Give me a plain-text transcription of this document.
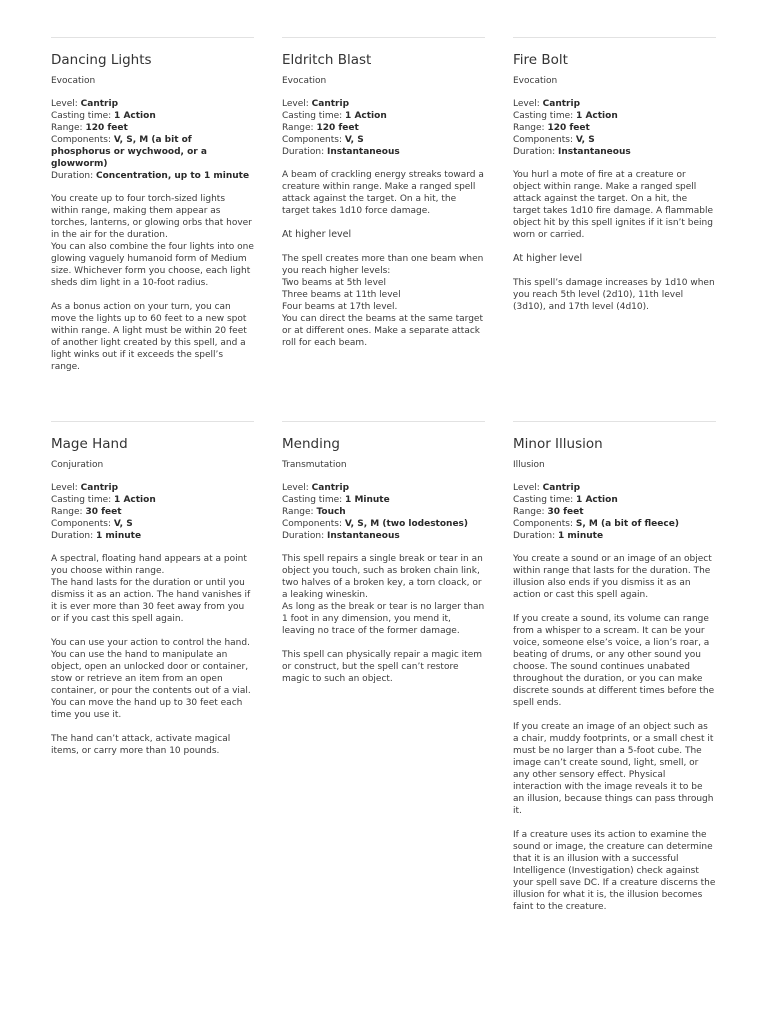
Dancing Lights
Evocation
Level: Cantrip
Casting time: 1 Action
Range: 120 feet
Components: V, S, M (a bit of phosphorus or wychwood, or a glowworm)
Duration: Concentration, up to 1 minute

You create up to four torch-sized lights within range, making them appear as torches, lanterns, or glowing orbs that hover in the air for the duration.

You can also combine the four lights into one glowing vaguely humanoid form of Medium size. Whichever form you choose, each light sheds dim light in a 10-foot radius.

As a bonus action on your turn, you can move the lights up to 60 feet to a new spot within range. A light must be within 20 feet of another light created by this spell, and a light winks out if it exceeds the spell’s range.

Eldritch Blast
Evocation
Level: Cantrip
Casting time: 1 Action
Range: 120 feet
Components: V, S
Duration: Instantaneous

A beam of crackling energy streaks toward a creature within range. Make a ranged spell attack against the target. On a hit, the target takes 1d10 force damage.

At higher level
The spell creates more than one beam when you reach higher levels:
Two beams at 5th level
Three beams at 11th level
Four beams at 17th level.
You can direct the beams at the same target or at different ones. Make a separate attack roll for each beam.
Fire Bolt
Evocation
Level: Cantrip
Casting time: 1 Action
Range: 120 feet
Components: V, S
Duration: Instantaneous

You hurl a mote of fire at a creature or object within range. Make a ranged spell attack against the target. On a hit, the target takes 1d10 fire damage. A flammable object hit by this spell ignites if it isn’t being worn or carried.

At higher level
This spell’s damage increases by 1d10 when you reach 5th level (2d10), 11th level (3d10), and 17th level (4d10).
Mage Hand
Conjuration
Level: Cantrip
Casting time: 1 Action
Range: 30 feet
Components: V, S
Duration: 1 minute

A spectral, floating hand appears at a point you choose within range.

The hand lasts for the duration or until you dismiss it as an action. The hand vanishes if it is ever more than 30 feet away from you or if you cast this spell again.

You can use your action to control the hand. You can use the hand to manipulate an object, open an unlocked door or container, stow or retrieve an item from an open container, or pour the contents out of a vial. You can move the hand up to 30 feet each time you use it.

The hand can’t attack, activate magical items, or carry more than 10 pounds.

Mending
Transmutation
Level: Cantrip
Casting time: 1 Minute
Range: Touch
Components: V, S, M (two lodestones)
Duration: Instantaneous

This spell repairs a single break or tear in an object you touch, such as broken chain link, two halves of a broken key, a torn cloack, or a leaking wineskin.

As long as the break or tear is no larger than 1 foot in any dimension, you mend it, leaving no trace of the former damage.

This spell can physically repair a magic item or construct, but the spell can’t restore magic to such an object.

Minor Illusion
Illusion
Level: Cantrip
Casting time: 1 Action
Range: 30 feet
Components: S, M (a bit of fleece)
Duration: 1 minute

You create a sound or an image of an object within range that lasts for the duration. The illusion also ends if you dismiss it as an action or cast this spell again.

If you create a sound, its volume can range from a whisper to a scream. It can be your voice, someone else’s voice, a lion’s roar, a beating of drums, or any other sound you choose. The sound continues unabated throughout the duration, or you can make discrete sounds at different times before the spell ends.

If you create an image of an object such as a chair, muddy footprints, or a small chest it must be no larger than a 5-foot cube. The image can’t create sound, light, smell, or any other sensory effect. Physical interaction with the image reveals it to be an illusion, because things can pass through it.

If a creature uses its action to examine the sound or image, the creature can determine that it is an illusion with a successful Intelligence (Investigation) check against your spell save DC. If a creature discerns the illusion for what it is, the illusion becomes faint to the creature.
